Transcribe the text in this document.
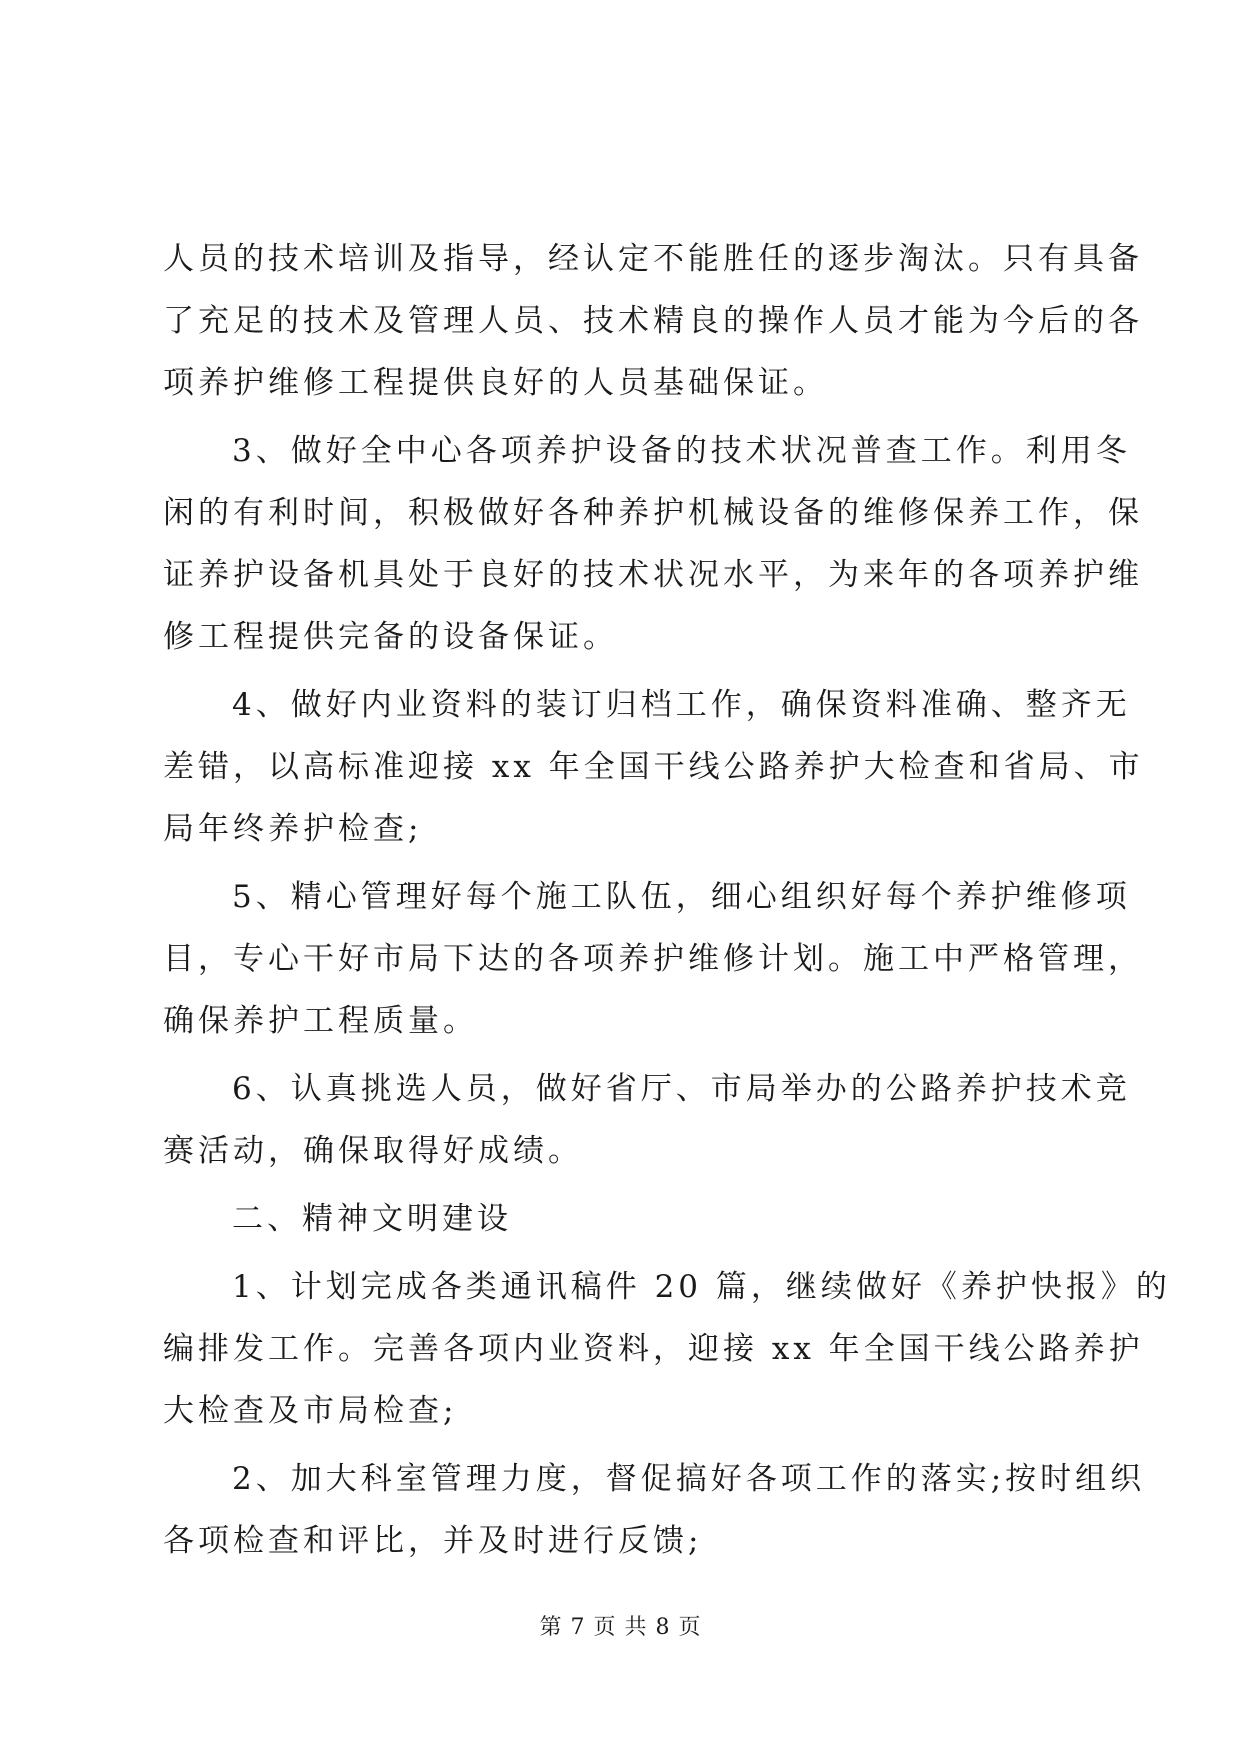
人员的技术培训及指导，经认定不能胜任的逐步淘汰。只有具备
了充足的技术及管理人员、技术精良的操作人员才能为今后的各
项养护维修工程提供良好的人员基础保证。
3、做好全中心各项养护设备的技术状况普查工作。利用冬
闲的有利时间，积极做好各种养护机械设备的维修保养工作，保
证养护设备机具处于良好的技术状况水平，为来年的各项养护维
修工程提供完备的设备保证。
4、做好内业资料的装订归档工作，确保资料准确、整齐无
差错，以高标准迎接 xx 年全国干线公路养护大检查和省局、市
局年终养护检查;
5、精心管理好每个施工队伍，细心组织好每个养护维修项
目，专心干好市局下达的各项养护维修计划。施工中严格管理，
确保养护工程质量。
6、认真挑选人员，做好省厅、市局举办的公路养护技术竞
赛活动，确保取得好成绩。
二、精神文明建设
1、计划完成各类通讯稿件 20 篇，继续做好《养护快报》的
编排发工作。完善各项内业资料，迎接 xx 年全国干线公路养护
大检查及市局检查;
2、加大科室管理力度，督促搞好各项工作的落实;按时组织
各项检查和评比，并及时进行反馈;
第 7 页 共 8 页
